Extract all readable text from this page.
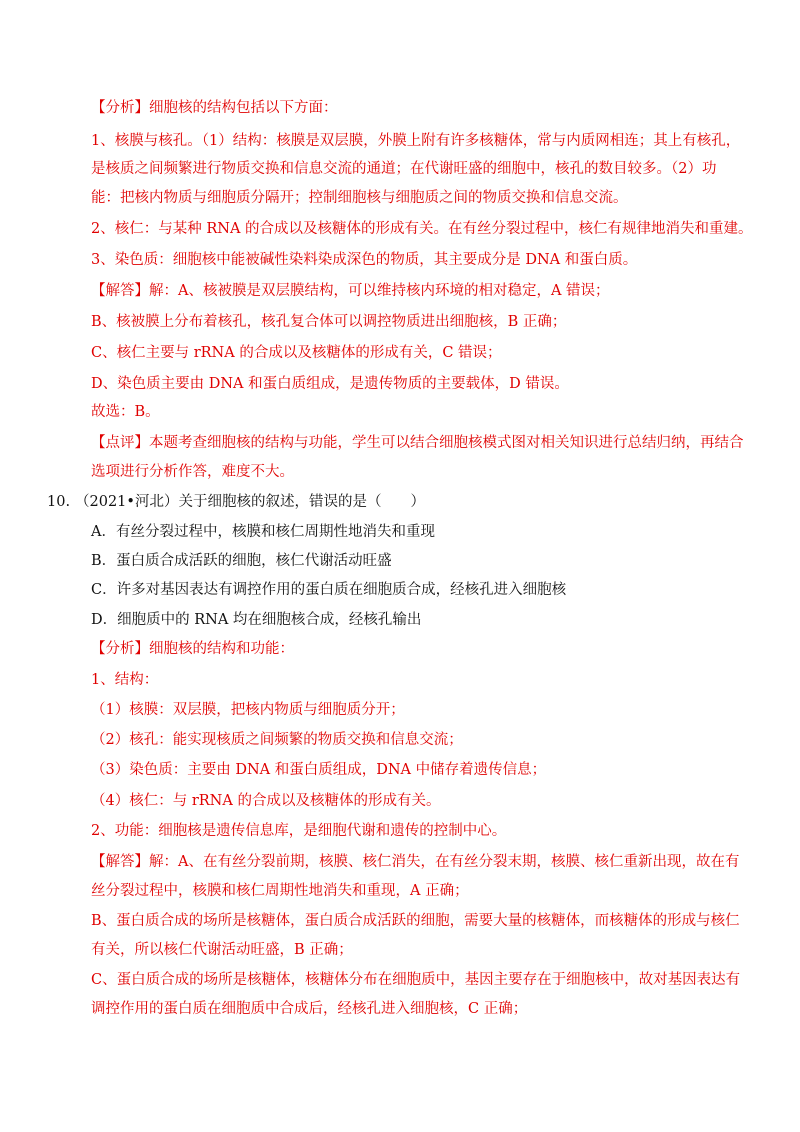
【分析】细胞核的结构包括以下方面：
1、核膜与核孔。（1）结构：核膜是双层膜，外膜上附有许多核糖体，常与内质网相连；其上有核孔，
是核质之间频繁进行物质交换和信息交流的通道；在代谢旺盛的细胞中，核孔的数目较多。（2）功
能：把核内物质与细胞质分隔开；控制细胞核与细胞质之间的物质交换和信息交流。
2、核仁：与某种 RNA 的合成以及核糖体的形成有关。在有丝分裂过程中，核仁有规律地消失和重建。
3、染色质：细胞核中能被碱性染料染成深色的物质，其主要成分是 DNA 和蛋白质。
【解答】解：A、核被膜是双层膜结构，可以维持核内环境的相对稳定，A 错误；
B、核被膜上分布着核孔，核孔复合体可以调控物质进出细胞核，B 正确；
C、核仁主要与 rRNA 的合成以及核糖体的形成有关，C 错误；
D、染色质主要由 DNA 和蛋白质组成，是遗传物质的主要载体，D 错误。
故选：B。
【点评】本题考查细胞核的结构与功能，学生可以结合细胞核模式图对相关知识进行总结归纳，再结合
选项进行分析作答，难度不大。
10. （2021•河北）关于细胞核的叙述，错误的是（　　）
A．有丝分裂过程中，核膜和核仁周期性地消失和重现
B．蛋白质合成活跃的细胞，核仁代谢活动旺盛
C．许多对基因表达有调控作用的蛋白质在细胞质合成，经核孔进入细胞核
D．细胞质中的 RNA 均在细胞核合成，经核孔输出
【分析】细胞核的结构和功能：
1、结构：
（1）核膜：双层膜，把核内物质与细胞质分开；
（2）核孔：能实现核质之间频繁的物质交换和信息交流；
（3）染色质：主要由 DNA 和蛋白质组成，DNA 中储存着遗传信息；
（4）核仁：与 rRNA 的合成以及核糖体的形成有关。
2、功能：细胞核是遗传信息库，是细胞代谢和遗传的控制中心。
【解答】解：A、在有丝分裂前期，核膜、核仁消失，在有丝分裂末期，核膜、核仁重新出现，故在有
丝分裂过程中，核膜和核仁周期性地消失和重现，A 正确；
B、蛋白质合成的场所是核糖体，蛋白质合成活跃的细胞，需要大量的核糖体，而核糖体的形成与核仁
有关，所以核仁代谢活动旺盛，B 正确；
C、蛋白质合成的场所是核糖体，核糖体分布在细胞质中，基因主要存在于细胞核中，故对基因表达有
调控作用的蛋白质在细胞质中合成后，经核孔进入细胞核，C 正确；
